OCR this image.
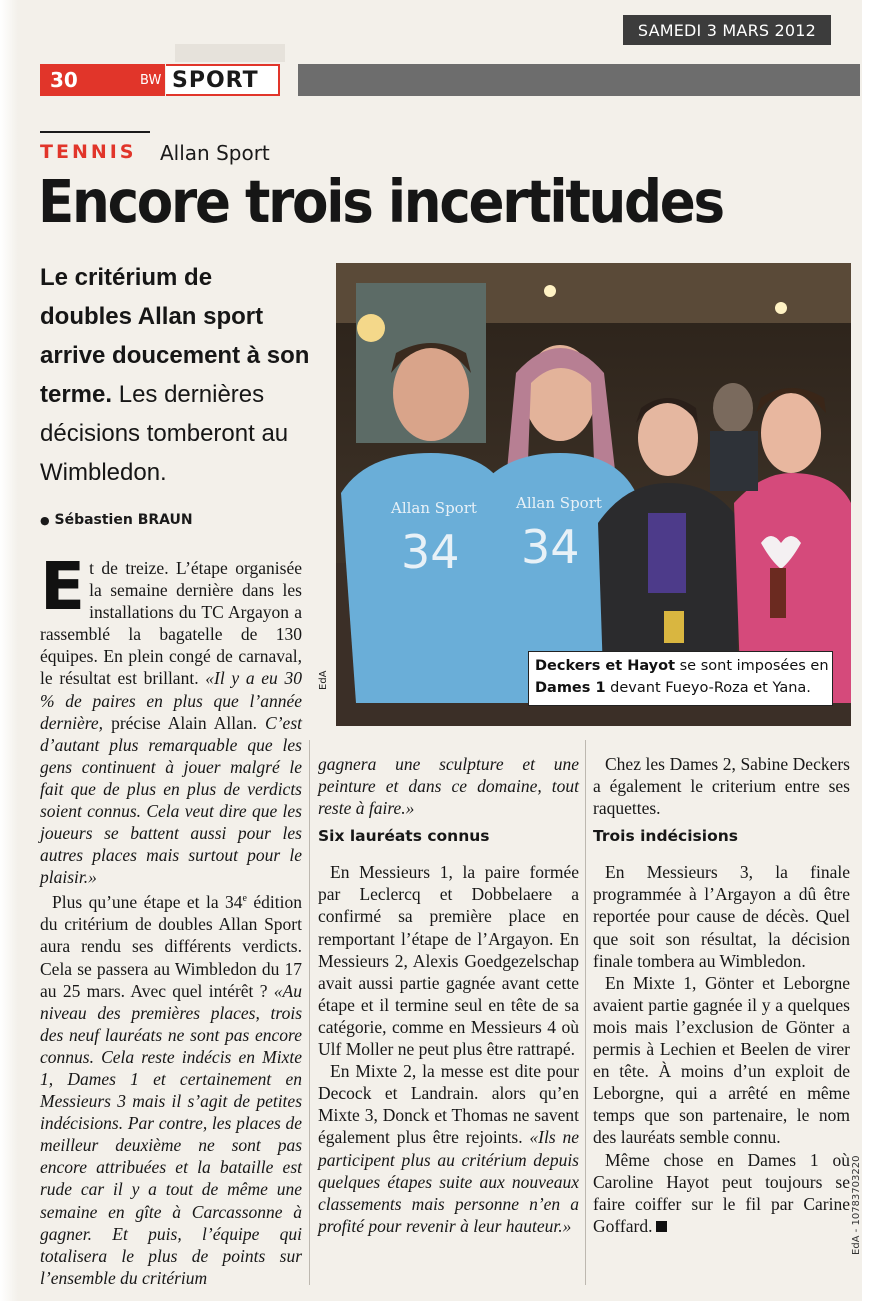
SAMEDI 3 MARS 2012
30	BW SPORT
TENNIS Allan Sport
Encore trois incertitudes
Le critérium de doubles Allan sport arrive doucement à son terme. Les dernières décisions tomberont au Wimbledon.
● Sébastien BRAUN
Allan Sport
34
Allan Sport
34
EdA
Deckers et Hayot se sont imposées en Dames 1 devant Fueyo-Roza et Yana.

Et de treize. L’étape organisée la semaine dernière dans les installations du TC Argayon a rassemblé la bagatelle de 130 équipes. En plein congé de carnaval, le résultat est brillant. «Il y a eu 30 % de paires en plus que l’année dernière, précise Alain Allan. C’est d’autant plus remarquable que les gens continuent à jouer malgré le fait que de plus en plus de verdicts soient connus. Cela veut dire que les joueurs se battent aussi pour les autres places mais surtout pour le plaisir.»

Plus qu’une étape et la 34e édition du critérium de doubles Allan Sport aura rendu ses différents verdicts. Cela se passera au Wimbledon du 17 au 25 mars. Avec quel intérêt ? «Au niveau des premières places, trois des neuf lauréats ne sont pas encore connus. Cela reste indécis en Mixte 1, Dames 1 et certainement en Messieurs 3 mais il s’agit de petites indécisions. Par contre, les places de meilleur deuxième ne sont pas encore attribuées et la bataille est rude car il y a tout de même une semaine en gîte à Carcassonne à gagner. Et puis, l’équipe qui totalisera le plus de points sur l’ensemble du critérium

gagnera une sculpture et une peinture et dans ce domaine, tout reste à faire.»

Six lauréats connus

En Messieurs 1, la paire formée par Leclercq et Dobbelaere a confirmé sa première place en remportant l’étape de l’Argayon. En Messieurs 2, Alexis Goedgezelschap avait aussi partie gagnée avant cette étape et il termine seul en tête de sa catégorie, comme en Messieurs 4 où Ulf Moller ne peut plus être rattrapé.

En Mixte 2, la messe est dite pour Decock et Landrain. alors qu’en Mixte 3, Donck et Thomas ne savent également plus être rejoints. «Ils ne participent plus au critérium depuis quelques étapes suite aux nouveaux classements mais personne n’en a profité pour revenir à leur hauteur.»

Chez les Dames 2, Sabine Deckers a également le criterium entre ses raquettes.

Trois indécisions

En Messieurs 3, la finale programmée à l’Argayon a dû être reportée pour cause de décès. Quel que soit son résultat, la décision finale tombera au Wimbledon.

En Mixte 1, Gönter et Leborgne avaient partie gagnée il y a quelques mois mais l’exclusion de Gönter a permis à Lechien et Beelen de virer en tête. À moins d’un exploit de Leborgne, qui a arrêté en même temps que son partenaire, le nom des lauréats semble connu.

Même chose en Dames 1 où Caroline Hayot peut toujours se faire coiffer sur le fil par Carine Goffard.	EdA - 10783703220
